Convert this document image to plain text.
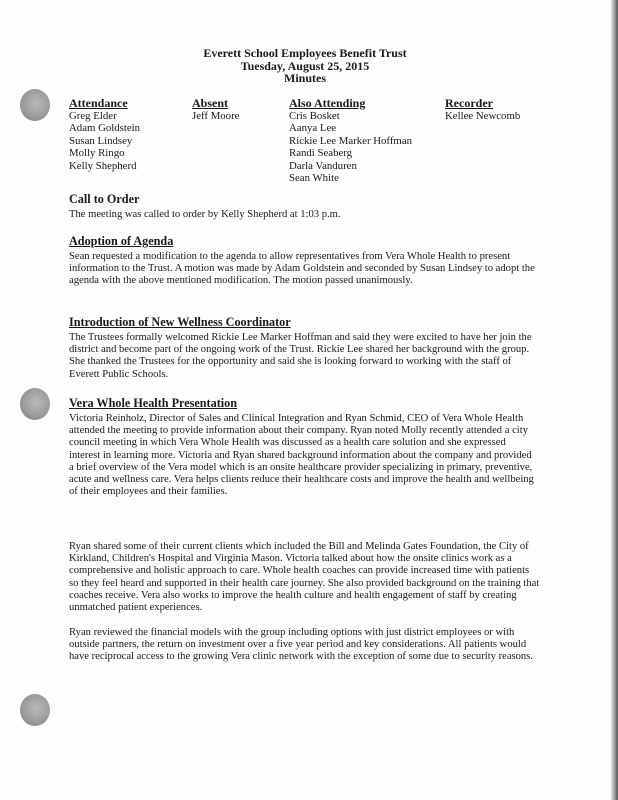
Everett School Employees Benefit Trust
Tuesday, August 25, 2015
Minutes
Attendance
Greg Elder
Adam Goldstein
Susan Lindsey
Molly Ringo
Kelly Shepherd
Absent
Jeff Moore
Also Attending
Cris Bosket
Aanya Lee
Rickie Lee Marker Hoffman
Randi Seaberg
Darla Vanduren
Sean White
Recorder
Kellee Newcomb
Call to Order

The meeting was called to order by Kelly Shepherd at 1:03 p.m.

Adoption of Agenda

Sean requested a modification to the agenda to allow representatives from Vera Whole Health to present information to the Trust. A motion was made by Adam Goldstein and seconded by Susan Lindsey to adopt the agenda with the above mentioned modification. The motion passed unanimously.

Introduction of New Wellness Coordinator

The Trustees formally welcomed Rickie Lee Marker Hoffman and said they were excited to have her join the district and become part of the ongoing work of the Trust. Rickie Lee shared her background with the group. She thanked the Trustees for the opportunity and said she is looking forward to working with the staff of Everett Public Schools.

Vera Whole Health Presentation

Victoria Reinholz, Director of Sales and Clinical Integration and Ryan Schmid, CEO of Vera Whole Health attended the meeting to provide information about their company. Ryan noted Molly recently attended a city council meeting in which Vera Whole Health was discussed as a health care solution and she expressed interest in learning more. Victoria and Ryan shared background information about the company and provided a brief overview of the Vera model which is an onsite healthcare provider specializing in primary, preventive, acute and wellness care. Vera helps clients reduce their healthcare costs and improve the health and wellbeing of their employees and their families.

Ryan shared some of their current clients which included the Bill and Melinda Gates Foundation, the City of Kirkland, Children's Hospital and Virginia Mason. Victoria talked about how the onsite clinics work as a comprehensive and holistic approach to care. Whole health coaches can provide increased time with patients so they feel heard and supported in their health care journey. She also provided background on the training that coaches receive. Vera also works to improve the health culture and health engagement of staff by creating unmatched patient experiences.

Ryan reviewed the financial models with the group including options with just district employees or with outside partners, the return on investment over a five year period and key considerations. All patients would have reciprocal access to the growing Vera clinic network with the exception of some due to security reasons.
